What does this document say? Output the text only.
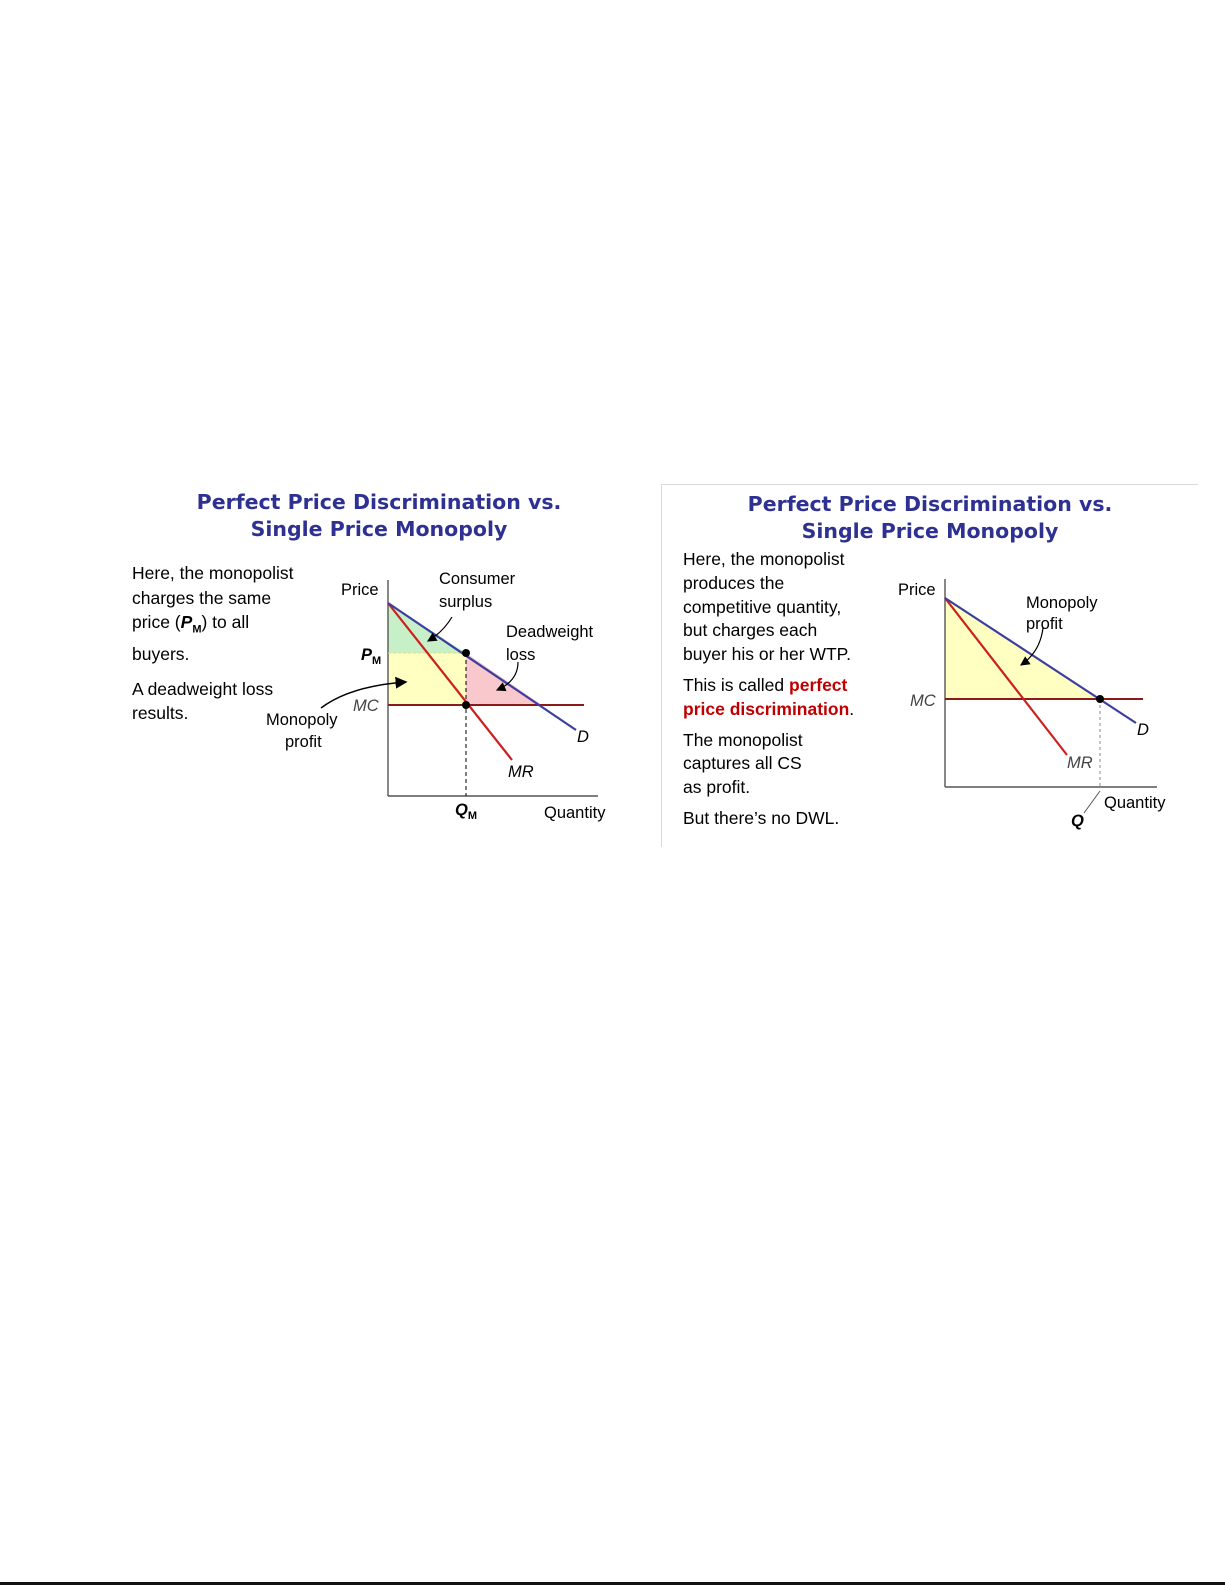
Perfect Price Discrimination vs.
Single Price Monopoly

Here, the monopolist

charges the same

price $(P_M)$ to all

buyers.

A deadweight loss

results.

Price
Quantity
$P_M$
MC
$Q_M$
D
MR
Consumer
surplus
Deadweight
loss
Monopoly
profit
Perfect Price Discrimination vs.
Single Price Monopoly

Here, the monopolist

produces the

competitive quantity,

but charges each

buyer his or her WTP.

This is called perfect

price discrimination.

The monopolist

captures all CS

as profit.

But there’s no DWL.

Price
Quantity
MC
D
MR
Q
Monopoly
profit
